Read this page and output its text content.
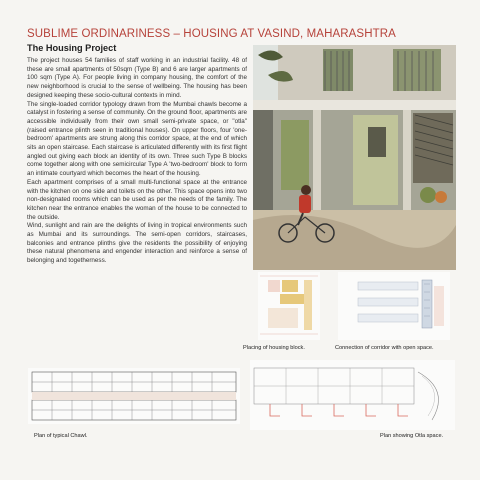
SUBLIME ORDINARINESS – HOUSING AT VASIND, MAHARASHTRA
The Housing Project

The project houses 54 families of staff working in an industrial facility. 48 of these are small apartments of 50sqm (Type B) and 6 are larger apartments of 100 sqm (Type A). For people living in company housing, the comfort of the new neighborhood is crucial to the sense of wellbeing. The housing has been designed keeping these socio-cultural contexts in mind.

The single-loaded corridor typology drawn from the Mumbai chawls become a catalyst in fostering a sense of community. On the ground floor, apartments are accessible individually from their own small semi-private space, or "otla" (raised entrance plinth seen in traditional houses). On upper floors, four 'one-bedroom' apartments are strung along this corridor space, at the end of which sits an open staircase. Each staircase is articulated differently with its first flight angled out giving each block an identity of its own. Three such Type B blocks come together along with one semicircular Type A 'two-bedroom' block to form an intimate courtyard which becomes the heart of the housing.

Each apartment comprises of a small multi-functional space at the entrance with the kitchen on one side and toilets on the other. This space opens into two non-designated rooms which can be used as per the needs of the family. The kitchen near the entrance enables the woman of the house to be connected to the outside.

Wind, sunlight and rain are the delights of living in tropical environments such as Mumbai and its surroundings. The semi-open corridors, staircases, balconies and entrance plinths give the residents the possibility of enjoying these natural phenomena and engender interaction and reinforce a sense of belonging and togetherness.

Placing of housing block.	Connection of corridor with open space.
Plan of typical Chawl.	Plan showing Otla space.
